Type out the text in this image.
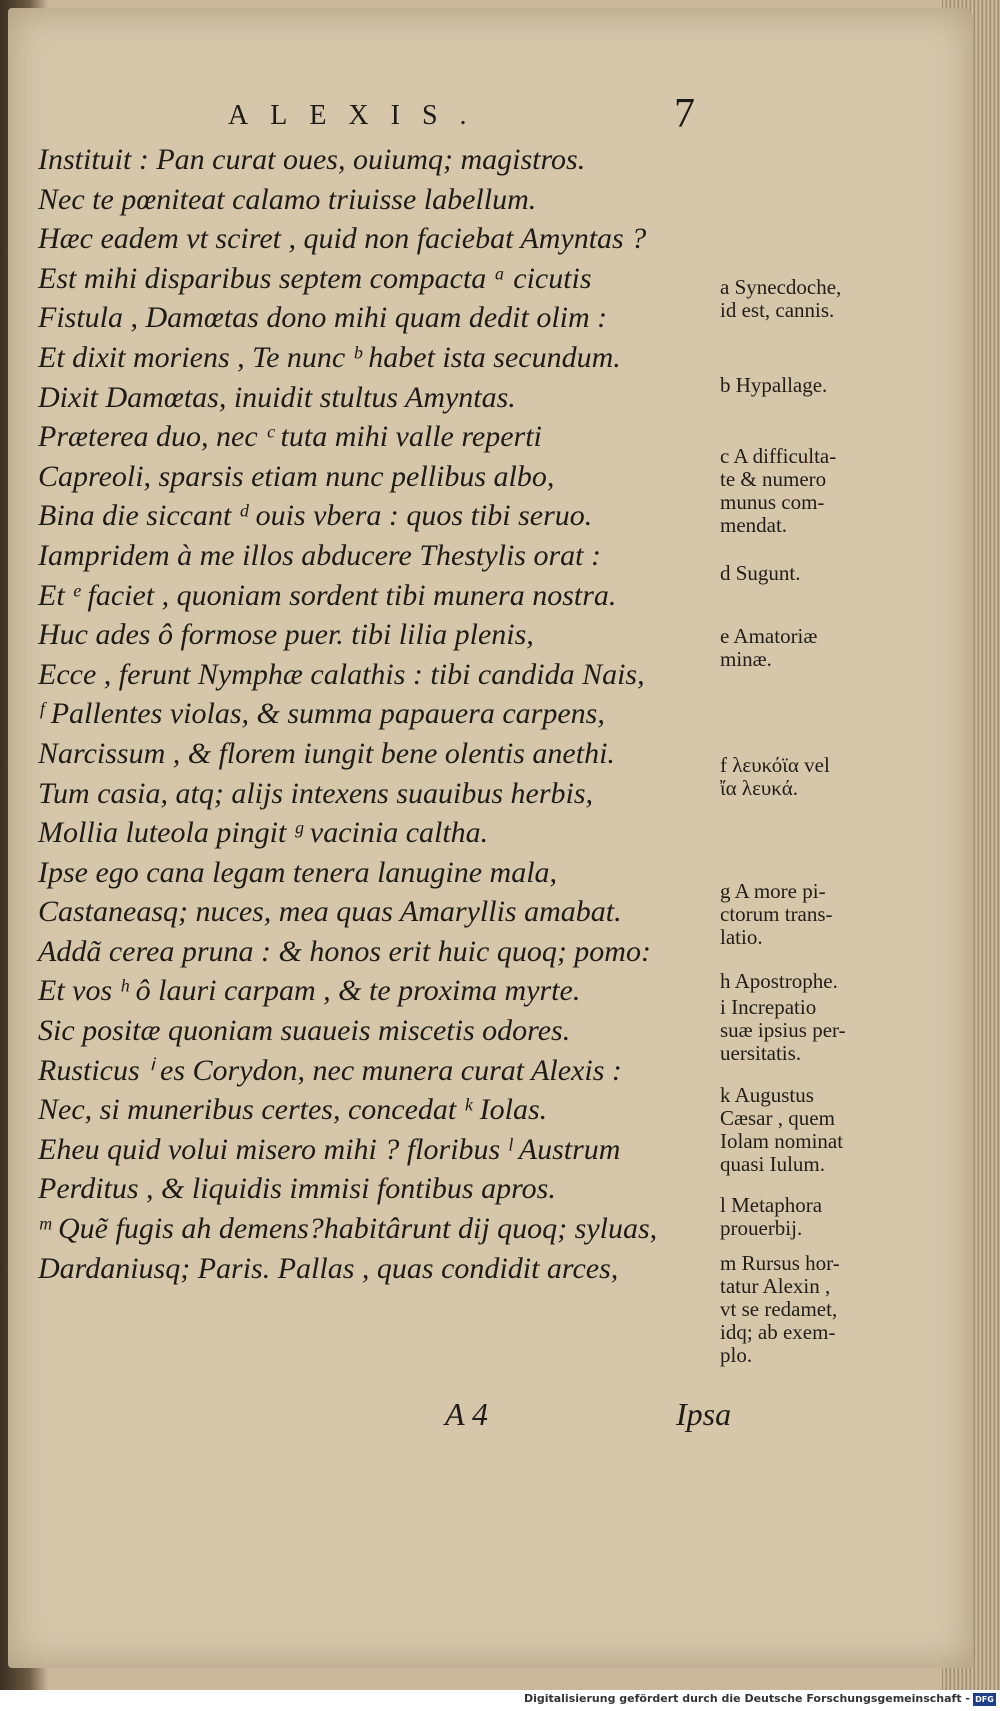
ALEXIS.	7
Instituit : Pan curat oues, ouiumq; magistros.
Nec te pœniteat calamo triuisse labellum.
Hæc eadem vt sciret , quid non faciebat Amyntas ?
Est mihi disparibus septem compacta ᵃ cicutis
Fistula , Damœtas dono mihi quam dedit olim :
Et dixit moriens , Te nunc ᵇ habet ista secundum.
Dixit Damœtas, inuidit stultus Amyntas.
Præterea duo, nec ᶜ tuta mihi valle reperti
Capreoli, sparsis etiam nunc pellibus albo,
Bina die siccant ᵈ ouis vbera : quos tibi seruo.
Iampridem à me illos abducere Thestylis orat :
Et ᵉ faciet , quoniam sordent tibi munera nostra.
Huc ades ô formose puer. tibi lilia plenis,
Ecce , ferunt Nymphæ calathis : tibi candida Nais,
ᶠ Pallentes violas, & summa papauera carpens,
Narcissum , & florem iungit bene olentis anethi.
Tum casia, atq; alijs intexens suauibus herbis,
Mollia luteola pingit ᵍ vacinia caltha.
Ipse ego cana legam tenera lanugine mala,
Castaneasq; nuces, mea quas Amaryllis amabat.
Addã cerea pruna : & honos erit huic quoq; pomo:
Et vos ʰ ô lauri carpam , & te proxima myrte.
Sic positæ quoniam suaueis miscetis odores.
Rusticus ⁱ es Corydon, nec munera curat Alexis :
Nec, si muneribus certes, concedat ᵏ Iolas.
Eheu quid volui misero mihi ? floribus ˡ Austrum
Perditus , & liquidis immisi fontibus apros.
ᵐ Quẽ fugis ah demens?habitârunt dij quoq; syluas,
Dardaniusq; Paris. Pallas , quas condidit arces,
a Synecdoche,
id est, cannis.
b Hypallage.
c A difficulta-
te & numero
munus com-
mendat.
d Sugunt.
e Amatoriæ
minæ.
f λευκόϊα vel
ἴα λευκά.
g A more pi-
ctorum trans-
latio.
h Apostrophe.
i Increpatio
suæ ipsius per-
uersitatis.
k Augustus
Cæsar , quem
Iolam nominat
quasi Iulum.
l Metaphora
prouerbij.
m Rursus hor-
tatur Alexin ,
vt se redamet,
idq; ab exem-
plo.
A 4	Ipsa
Digitalisierung gefördert durch die Deutsche Forschungsgemeinschaft - DFG
